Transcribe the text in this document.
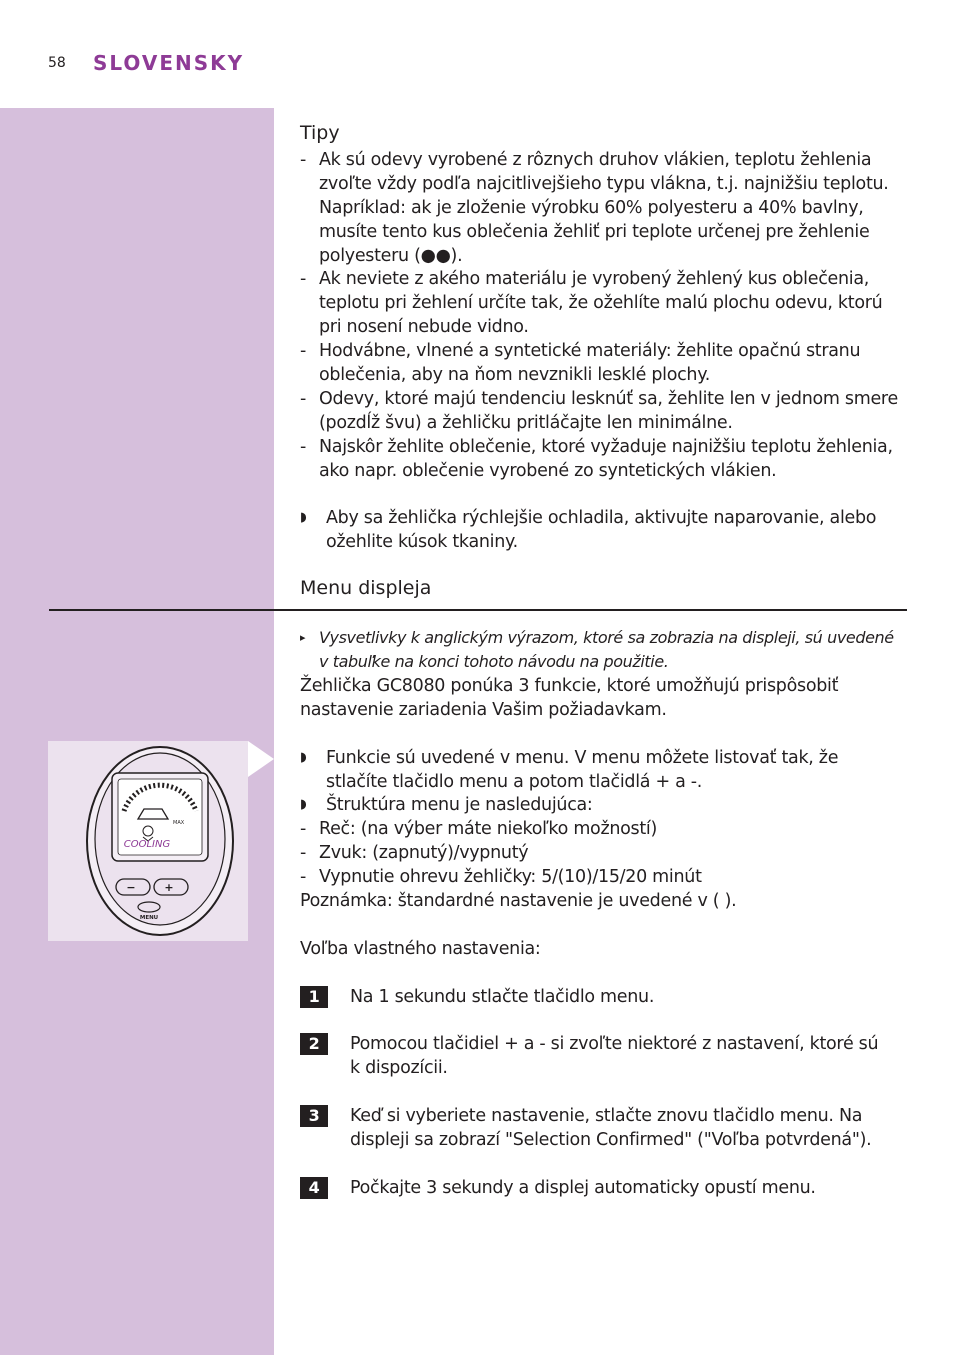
58 SLOVENSKY
Tipy
- Ak sú odevy vyrobené z rôznych druhov vlákien, teplotu žehlenia
zvoľte vždy podľa najcitlivejšieho typu vlákna, t.j. najnižšiu teplotu.
Napríklad: ak je zloženie výrobku 60% polyesteru a 40% bavlny,
musíte tento kus oblečenia žehliť pri teplote určenej pre žehlenie
polyesteru (●●).
- Ak neviete z akého materiálu je vyrobený žehlený kus oblečenia,
teplotu pri žehlení určíte tak, že ožehlíte malú plochu odevu, ktorú
pri nosení nebude vidno.
- Hodvábne, vlnené a syntetické materiály: žehlite opačnú stranu
oblečenia, aby na ňom nevznikli lesklé plochy.
- Odevy, ktoré majú tendenciu lesknúť sa, žehlite len v jednom smere
(pozdĺž švu) a žehličku pritláčajte len minimálne.
- Najskôr žehlite oblečenie, ktoré vyžaduje najnižšiu teplotu žehlenia,
ako napr. oblečenie vyrobené zo syntetických vlákien.
◗ Aby sa žehlička rýchlejšie ochladila, aktivujte naparovanie, alebo
ožehlite kúsok tkaniny.
Menu displeja
▸ Vysvetlivky k anglickým výrazom, ktoré sa zobrazia na displeji, sú uvedené
v tabuľke na konci tohoto návodu na použitie.
Žehlička GC8080 ponúka 3 funkcie, ktoré umožňujú prispôsobiť
nastavenie zariadenia Vašim požiadavkam.
◗ Funkcie sú uvedené v menu. V menu môžete listovať tak, že
stlačíte tlačidlo menu a potom tlačidlá + a -.
◗ Štruktúra menu je nasledujúca:
- Reč: (na výber máte niekoľko možností)
- Zvuk: (zapnutý)/vypnutý
- Vypnutie ohrevu žehličky: 5/(10)/15/20 minút
Poznámka: štandardné nastavenie je uvedené v ( ).
Voľba vlastného nastavenia:
1	Na 1 sekundu stlačte tlačidlo menu.
2	Pomocou tlačidiel + a - si zvoľte niektoré z nastavení, ktoré sú
k dispozícii.
3	Keď si vyberiete nastavenie, stlačte znovu tlačidlo menu. Na
displeji sa zobrazí "Selection Confirmed" ("Voľba potvrdená").
4	Počkajte 3 sekundy a displej automaticky opustí menu.
MAX
COOLING
−	+
MENU
